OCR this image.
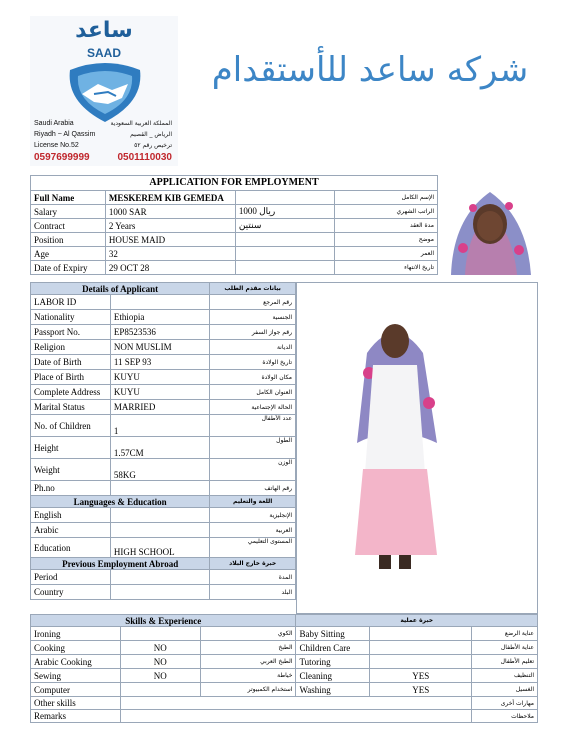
ساعد
SAAD
Saudi Arabia	المملكة العربية السعودية
Riyadh ~ Al Qassim	الرياض _ القصيم
License No.52	ترخيص رقم ٥٢
0597699999	0501110030
شركه ساعد للأستقدام
APPLICATION FOR EMPLOYMENT
Full Name	MESKEREM KIB GEMEDA		الإسم الكامل
Salary	1000 SAR	1000 ريال	الراتب الشهري
Contract	2 Years	سنتين	مدة العقد
Position	HOUSE MAID		موضح
Age	32		العمر
Date of Expiry	29 OCT 28		تاريخ الانتهاء
Details of Applicant		بيانات مقدم الطلب
LABOR ID		رقم المرجع
Nationality	Ethiopia	الجنسية
Passport No.	EP8523536	رقم جواز السفر
Religion	NON MUSLIM	الديانة
Date of Birth	11 SEP 93	تاريخ الولادة
Place of Birth	KUYU	مكان الولادة
Complete Address	KUYU	العنوان الكامل
Marital Status	MARRIED	الحالة الإجتماعية
No. of Children	1	عدد الأطفال
Height	1.57CM	الطول
Weight	58KG	الوزن
Ph.no		رقم الهاتف
Languages & Education		اللغة والتعليم
English		الإنجليزية
Arabic		العربية
Education	HIGH SCHOOL	المستوى التعليمي
Previous Employment Abroad		خبرة خارج البلاد
Period		المدة
Country		البلد
Skills & Experience			خبرة عملية		
Ironing		الكوي	Baby Sitting		عناية الرضع
Cooking	NO	الطبخ	Children Care		عناية الأطفال
Arabic Cooking	NO	الطبخ العربي	Tutoring		تعليم الأطفال
Sewing	NO	خياطة	Cleaning	YES	التنظيف
Computer		استخدام الكمبيوتر	Washing	YES	الغسيل
Other skills					مهارات أخرى
Remarks					ملاحظات
